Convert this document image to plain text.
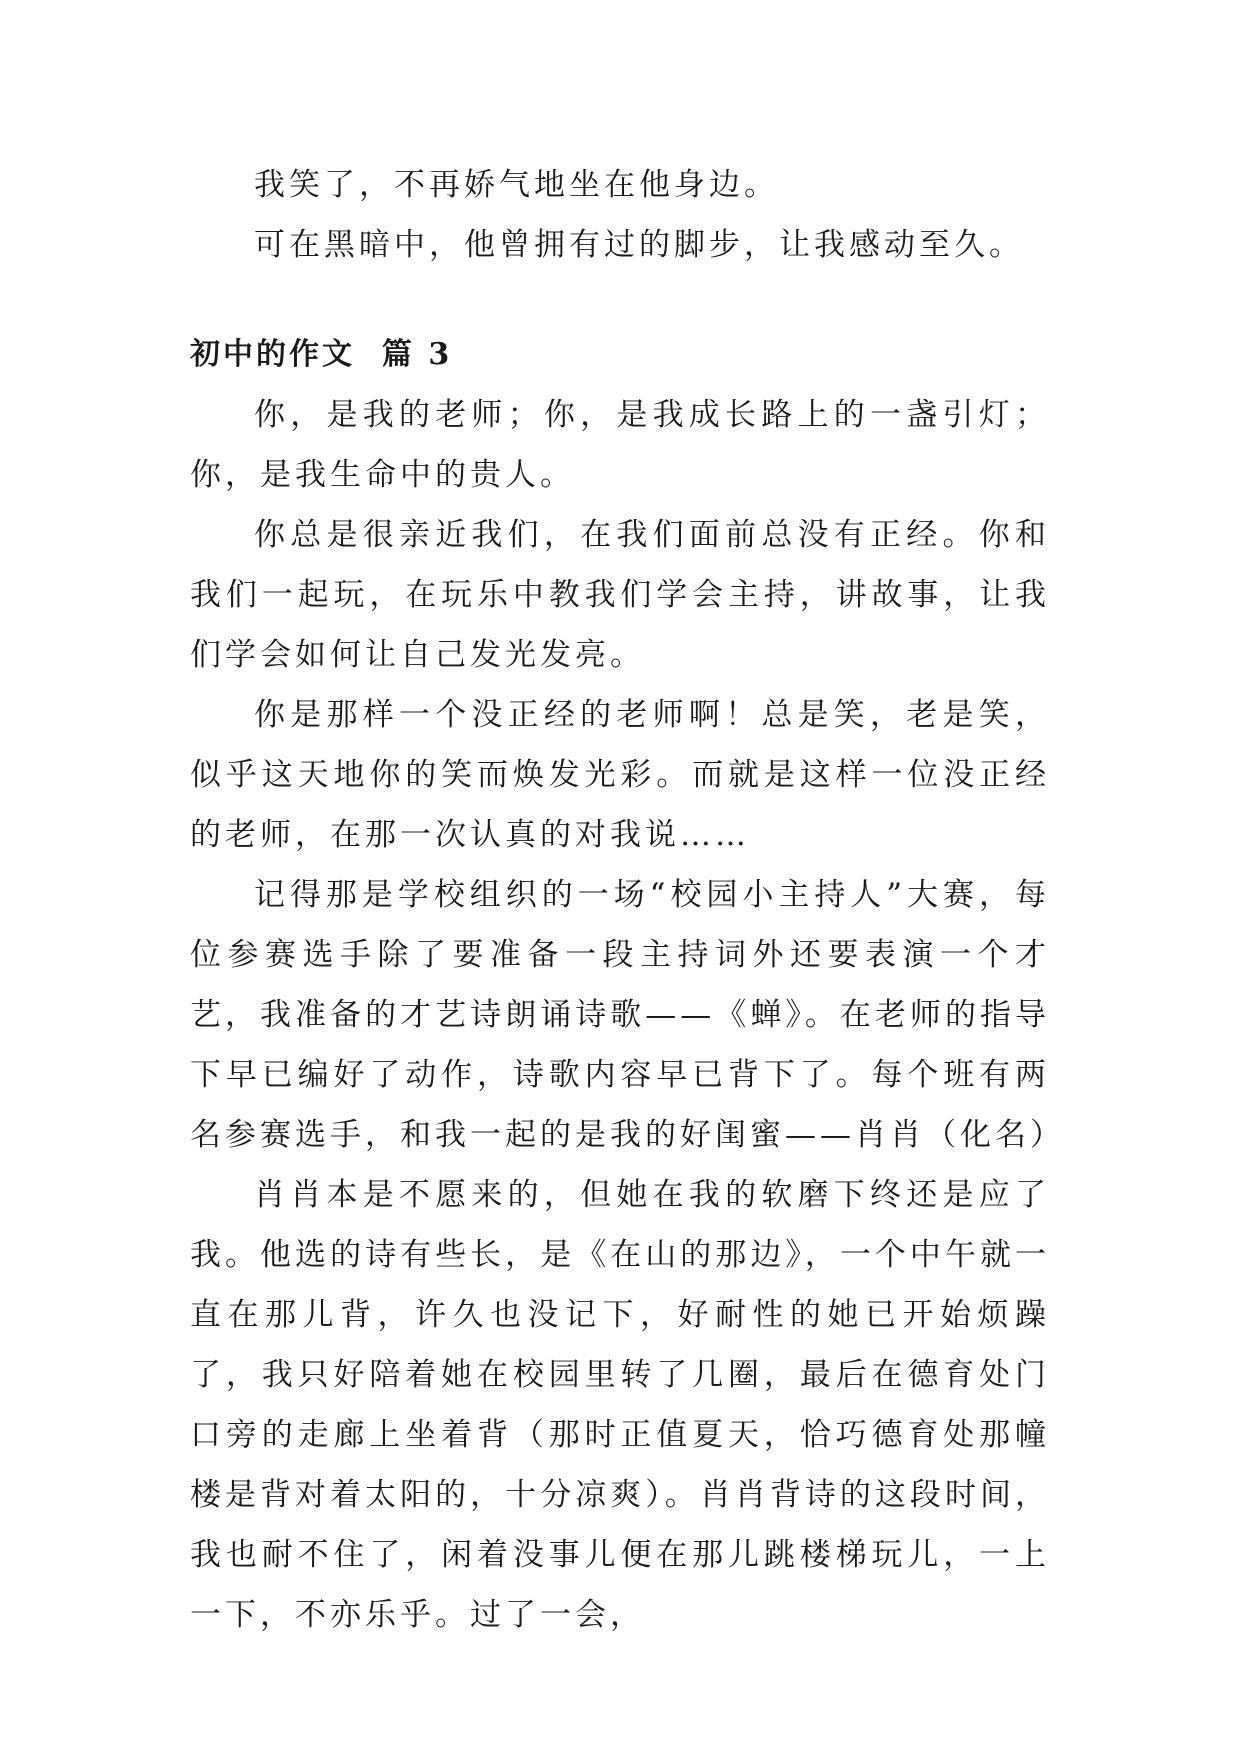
我笑了，不再娇气地坐在他身边。

可在黑暗中，他曾拥有过的脚步，让我感动至久。

初中的作文  篇 3

你，是我的老师；你，是我成长路上的一盏引灯；你，是我生命中的贵人。

你总是很亲近我们，在我们面前总没有正经。你和我们一起玩，在玩乐中教我们学会主持，讲故事，让我们学会如何让自己发光发亮。

你是那样一个没正经的老师啊！总是笑，老是笑，似乎这天地你的笑而焕发光彩。而就是这样一位没正经的老师，在那一次认真的对我说……

记得那是学校组织的一场“校园小主持人”大赛，每位参赛选手除了要准备一段主持词外还要表演一个才艺，我准备的才艺诗朗诵诗歌——《蝉》。在老师的指导下早已编好了动作，诗歌内容早已背下了。每个班有两名参赛选手，和我一起的是我的好闺蜜——肖肖（化名）

肖肖本是不愿来的，但她在我的软磨下终还是应了我。他选的诗有些长，是《在山的那边》，一个中午就一直在那儿背，许久也没记下，好耐性的她已开始烦躁了，我只好陪着她在校园里转了几圈，最后在德育处门口旁的走廊上坐着背（那时正值夏天，恰巧德育处那幢楼是背对着太阳的，十分凉爽）。肖肖背诗的这段时间，我也耐不住了，闲着没事儿便在那儿跳楼梯玩儿，一上一下，不亦乐乎。过了一会，
